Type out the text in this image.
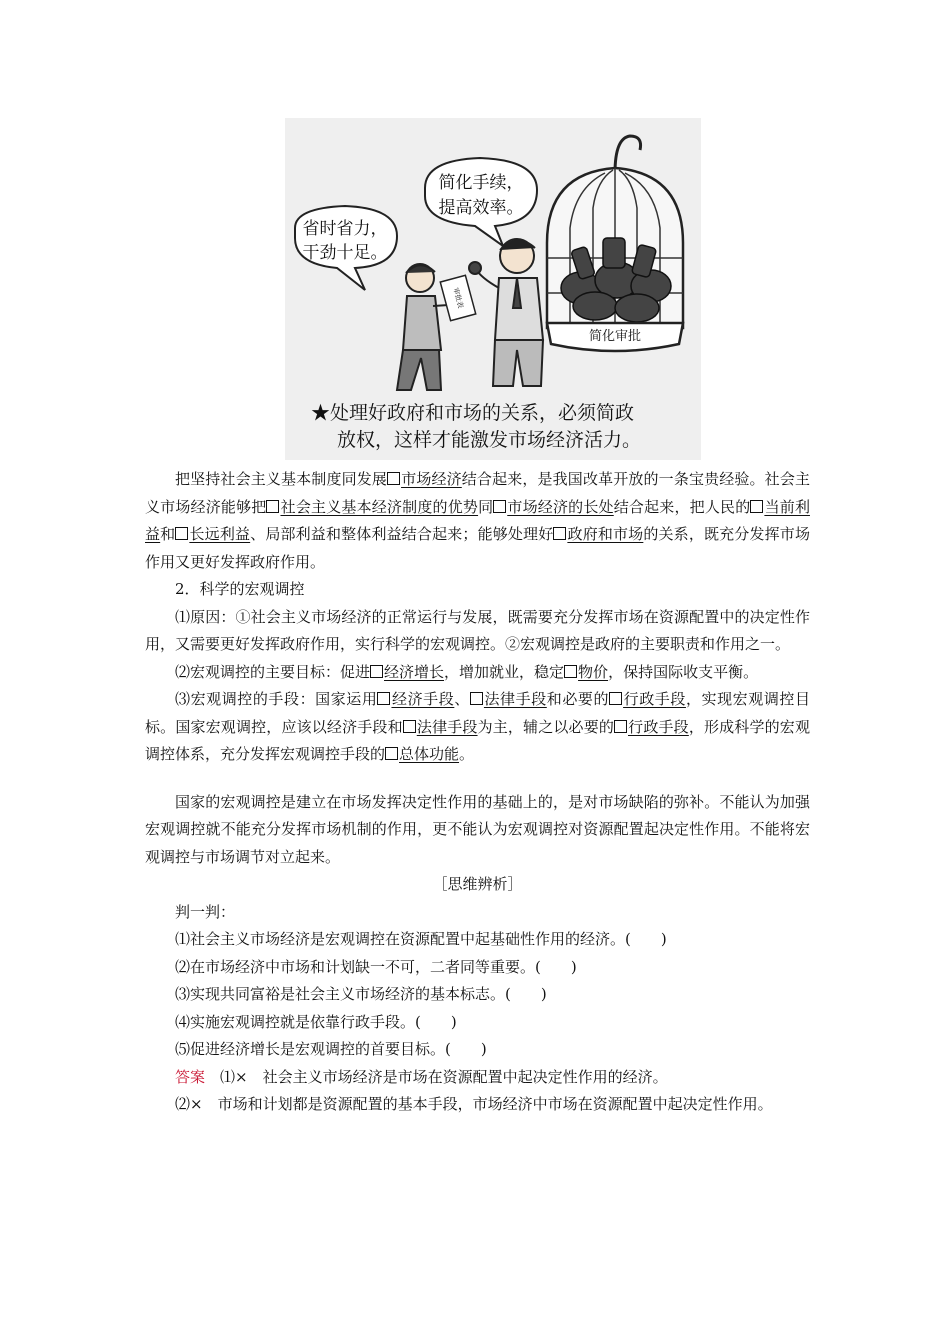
简化审批
省时省力，
干劲十足。
简化手续，
提高效率。
审批表
★处理好政府和市场的关系，必须简政
放权，这样才能激发市场经济活力。

把坚持社会主义基本制度同发展 市场经济结合起来，是我国改革开放的一条宝贵经验。社会主义市场经济能够把 社会主义基本经济制度的优势同 市场经济的长处结合起来，把人民的 当前利益和 长远利益、局部利益和整体利益结合起来；能够处理好 政府和市场的关系，既充分发挥市场作用又更好发挥政府作用。

2．科学的宏观调控

⑴原因：①社会主义市场经济的正常运行与发展，既需要充分发挥市场在资源配置中的决定性作用，又需要更好发挥政府作用，实行科学的宏观调控。②宏观调控是政府的主要职责和作用之一。

⑵宏观调控的主要目标：促进 经济增长，增加就业，稳定 物价，保持国际收支平衡。

⑶宏观调控的手段：国家运用 经济手段、 法律手段和必要的 行政手段，实现宏观调控目标。国家宏观调控，应该以经济手段和 法律手段为主，辅之以必要的 行政手段，形成科学的宏观调控体系，充分发挥宏观调控手段的 总体功能。

国家的宏观调控是建立在市场发挥决定性作用的基础上的，是对市场缺陷的弥补。不能认为加强宏观调控就不能充分发挥市场机制的作用，更不能认为宏观调控对资源配置起决定性作用。不能将宏观调控与市场调节对立起来。

［思维辨析］

判一判：

⑴社会主义市场经济是宏观调控在资源配置中起基础性作用的经济。(　　)

⑵在市场经济中市场和计划缺一不可，二者同等重要。(　　)

⑶实现共同富裕是社会主义市场经济的基本标志。(　　)

⑷实施宏观调控就是依靠行政手段。(　　)

⑸促进经济增长是宏观调控的首要目标。(　　)

答案　⑴×　社会主义市场经济是市场在资源配置中起决定性作用的经济。

⑵×　市场和计划都是资源配置的基本手段，市场经济中市场在资源配置中起决定性作用。
